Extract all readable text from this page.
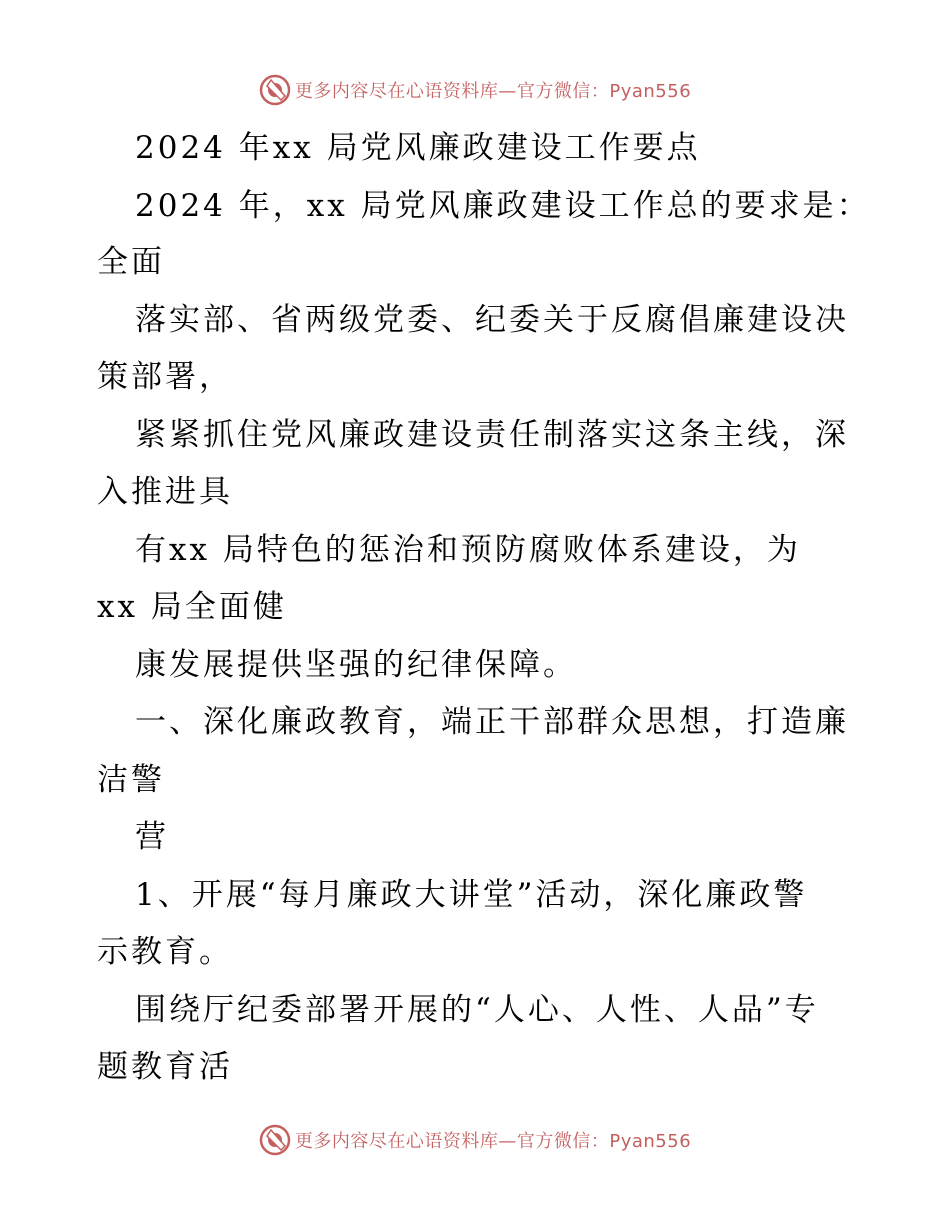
更多内容尽在心语资料库—官方微信：Pyan556
2024 年xx 局党风廉政建设工作要点
2024 年，xx 局党风廉政建设工作总的要求是：
全面
落实部、省两级党委、纪委关于反腐倡廉建设决
策部署，
紧紧抓住党风廉政建设责任制落实这条主线，深
入推进具
有xx 局特色的惩治和预防腐败体系建设，为
xx 局全面健
康发展提供坚强的纪律保障。
一、深化廉政教育，端正干部群众思想，打造廉
洁警
营
1、开展“每月廉政大讲堂”活动，深化廉政警
示教育。
围绕厅纪委部署开展的“人心、人性、人品”专
题教育活
更多内容尽在心语资料库—官方微信：Pyan556
